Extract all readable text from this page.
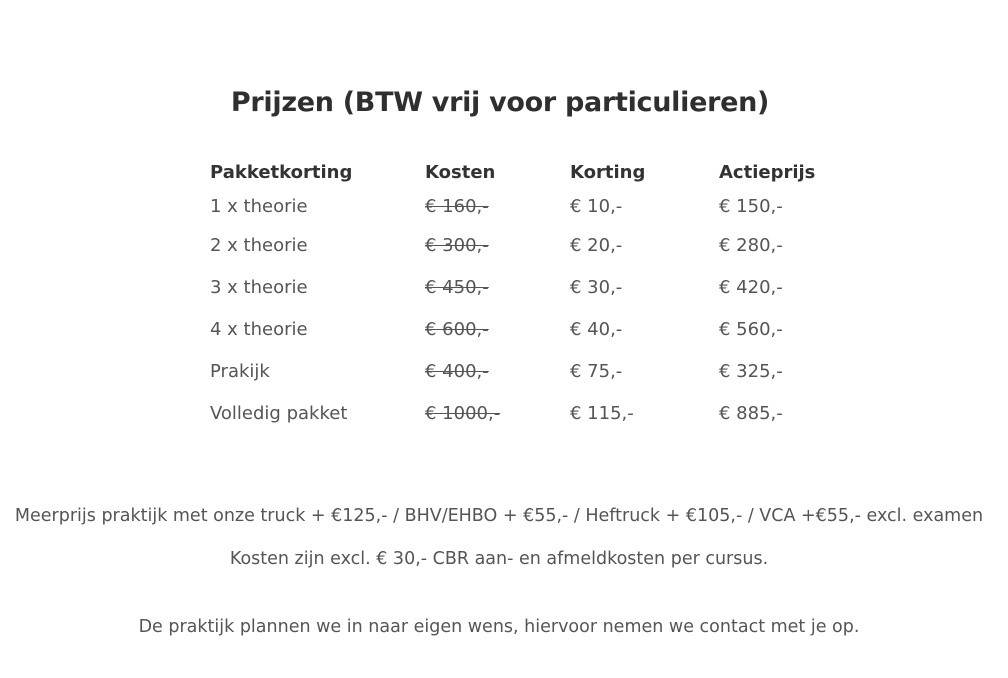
Prijzen (BTW vrij voor particulieren)
Pakketkorting	Kosten	Korting	Actieprijs
1 x theorie	€ 160,-	€ 10,-	€ 150,-
2 x theorie	€ 300,-	€ 20,-	€ 280,-
3 x theorie	€ 450,-	€ 30,-	€ 420,-
4 x theorie	€ 600,-	€ 40,-	€ 560,-
Prakijk	€ 400,-	€ 75,-	€ 325,-
Volledig pakket	€ 1000,-	€ 115,-	€ 885,-

Meerprijs praktijk met onze truck + €125,- / BHV/EHBO + €55,- / Heftruck + €105,- / VCA +€55,- excl. examen

Kosten zijn excl. € 30,- CBR aan- en afmeldkosten per cursus.

De praktijk plannen we in naar eigen wens, hiervoor nemen we contact met je op.
